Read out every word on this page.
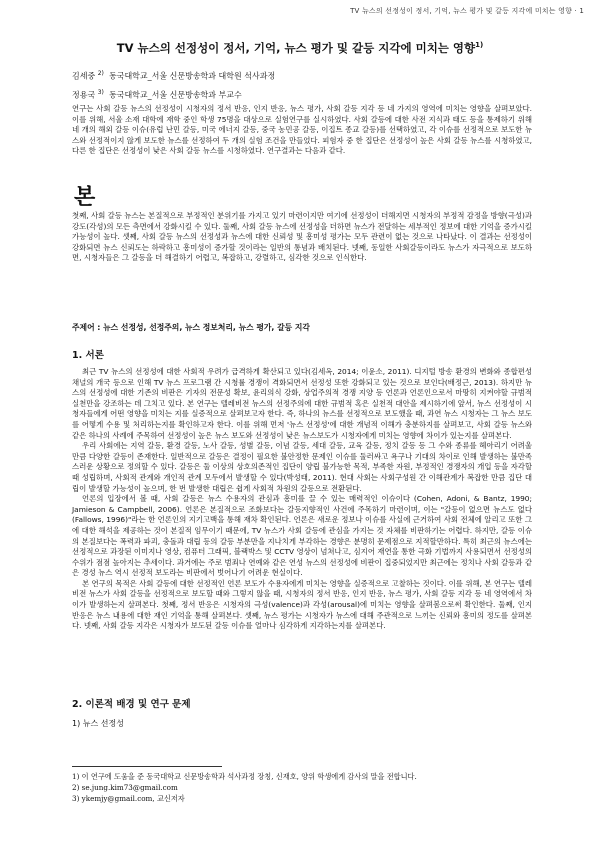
TV 뉴스의 선정성이 정서, 기억, 뉴스 평가 및 갈등 지각에 미치는 영향 · 1
TV 뉴스의 선정성이 정서, 기억, 뉴스 평가 및 갈등 지각에 미치는 영향$^{1)}$
김세중 $^{2)}$ 동국대학교_서울 신문방송학과 대학원 석사과정
정용국 $^{3)}$ 동국대학교_서울 신문방송학과 부교수
연구는 사회 갈등 뉴스의 선정성이 시청자의 정서 반응, 인지 반응, 뉴스 평가, 사회 갈등 지각 등 네 가지의 영역에 미치는 영향을 살펴보았다. 이를 위해, 서울 소재 대학에 재학 중인 학생 75명을 대상으로 실험연구를 실시하였다. 사회 갈등에 대한 사전 지식과 태도 등을 통제하기 위해 네 개의 해외 갈등 이슈(유럽 난민 갈등, 미국 에너지 갈등, 중국 농민공 갈등, 이집트 종교 갈등)를 선택하였고, 각 이슈를 선정적으로 보도한 뉴스와 선정적이지 않게 보도한 뉴스를 선정하여 두 개의 실험 조건을 만들었다. 피험자 중 한 집단은 선정성이 높은 사회 갈등 뉴스를 시청하였고, 다른 한 집단은 선정성이 낮은 사회 갈등 뉴스를 시청하였다. 연구결과는 다음과 같다.
본
첫째, 사회 갈등 뉴스는 본질적으로 부정적인 분위기를 가지고 있기 마련이지만 여기에 선정성이 더해지면 시청자의 부정적 감정을 방향(극성)과 강도(각성)의 모든 측면에서 강화시킬 수 있다. 둘째, 사회 갈등 뉴스에 선정성을 더하면 뉴스가 전달하는 세부적인 정보에 대한 기억을 증가시킬 가능성이 높다. 셋째, 사회 갈등 뉴스의 선정성과 뉴스에 대한 신뢰성 및 흥미성 평가는 모두 관련이 없는 것으로 나타났다. 이 결과는 선정성이 강화되면 뉴스 신뢰도는 하락하고 흥미성이 증가할 것이라는 일반의 통념과 배치된다. 넷째, 동일한 사회갈등이라도 뉴스가 자극적으로 보도하면, 시청자들은 그 갈등을 더 해결하기 어렵고, 복잡하고, 강렬하고, 심각한 것으로 인식한다.
주제어 : 뉴스 선정성, 선정주의, 뉴스 정보처리, 뉴스 평가, 갈등 지각
1. 서론

최근 TV 뉴스의 선정성에 대한 사회적 우려가 급격하게 확산되고 있다(김세옥, 2014; 이윤소, 2011). 디지털 방송 환경의 변화와 종합편성채널의 개국 등으로 인해 TV 뉴스 프로그램 간 시청률 경쟁이 격화되면서 선정성 또한 강화되고 있는 것으로 보인다(배정근, 2013). 하지만 뉴스의 선정성에 대한 기존의 비판은 기자의 전문성 확보, 윤리의식 강화, 상업주의적 경쟁 지양 등 언론과 언론인으로서 마땅히 지켜야할 규범적 실천만을 강조하는 데 그치고 있다. 본 연구는 텔레비전 뉴스의 선정주의에 대한 규범적 혹은 실천적 대안을 제시하기에 앞서, 뉴스 선정성이 시청자들에게 어떤 영향을 미치는 지를 실증적으로 살펴보고자 한다. 즉, 하나의 뉴스를 선정적으로 보도했을 때, 과연 뉴스 시청자는 그 뉴스 보도를 어떻게 수용 및 처리하는지를 확인하고자 한다. 이를 위해 먼저 '뉴스 선정성'에 대한 개념적 이해가 충분하지를 살펴보고, 사회 갈등 뉴스와 같은 하나의 사례에 주목하여 선정성이 높은 뉴스 보도와 선정성이 낮은 뉴스보도가 시청자에게 미치는 영향에 차이가 있는지를 살펴본다.

우리 사회에는 지역 갈등, 환경 갈등, 노사 갈등, 성별 갈등, 이념 갈등, 세대 갈등, 교육 갈등, 정치 갈등 등 그 수와 종류를 헤아리기 어려울 만큼 다양한 갈등이 존재한다. 일반적으로 갈등은 결정이 필요한 불안정한 문제인 이슈를 둘러싸고 욕구나 기대의 차이로 인해 발생하는 불만족스러운 상황으로 정의할 수 있다. 갈등은 둘 이상의 상호의존적인 집단이 양립 불가능한 목적, 부족한 자원, 부정적인 경쟁자의 개입 등을 자각할 때 성립하며, 사회적 관계와 개인적 관계 모두에서 발생할 수 있다(박성태, 2011). 현대 사회는 사회구성원 간 이해관계가 복잡한 만큼 집단 대립이 발생할 가능성이 높으며, 한 번 발생한 대립은 쉽게 사회적 차원의 갈등으로 전환된다.

언론의 입장에서 볼 때, 사회 갈등은 뉴스 수용자의 관심과 흥미를 끌 수 있는 매력적인 이슈이다 (Cohen, Adoni, & Bantz, 1990; Jamieson & Campbell, 2006). 언론은 본질적으로 조화보다는 갈등지향적인 사건에 주목하기 마련이며, 이는 "갈등이 없으면 뉴스도 없다(Fallows, 1996)"라는 한 언론인의 지기고백을 통해 재차 확인된다. 언론은 새로운 정보나 이슈를 사실에 근거하여 사회 전체에 알리고 또한 그에 대한 해석을 제공하는 것이 본질적 임무이기 때문에, TV 뉴스가 사회 갈등에 관심을 가지는 것 자체를 비판하기는 어렵다. 하지만, 갈등 이슈의 본질보다는 폭력과 파괴, 충돌과 대립 등의 갈등 부분만을 지나치게 부각하는 경향은 분명히 문제점으로 지적할만하다. 특히 최근의 뉴스에는 선정적으로 과장된 이미지나 영상, 컴퓨터 그래픽, 블랙박스 및 CCTV 영상이 넘쳐나고, 심지어 재연을 통한 극화 기법까지 사용되면서 선정성의 수위가 점점 높아지는 추세이다. 과거에는 주로 범죄나 연예와 같은 연성 뉴스의 선정성에 비판이 집중되었지만 최근에는 정치나 사회 갈등과 같은 경성 뉴스 역시 선정적 보도라는 비판에서 벗어나기 어려운 현실이다.

본 연구의 목적은 사회 갈등에 대한 선정적인 언론 보도가 수용자에게 미치는 영향을 실증적으로 고찰하는 것이다. 이를 위해, 본 연구는 텔레비전 뉴스가 사회 갈등을 선정적으로 보도할 때와 그렇지 않을 때, 시청자의 정서 반응, 인지 반응, 뉴스 평가, 사회 갈등 지각 등 네 영역에서 차이가 발생하는지 살펴본다. 첫째, 정서 반응은 시청자의 극성(valence)과 각성(arousal)에 미치는 영향을 살펴봄으로써 확인한다. 둘째, 인지 반응은 뉴스 내용에 대한 재인 기억을 통해 살펴본다. 셋째, 뉴스 평가는 시청자가 뉴스에 대해 주관적으로 느끼는 신뢰와 흥미의 정도를 살펴본다. 넷째, 사회 갈등 지각은 시청자가 보도된 갈등 이슈를 얼마나 심각하게 지각하는지를 살펴본다.

2. 이론적 배경 및 연구 문제
1) 뉴스 선정성
1) 이 연구에 도움을 준 동국대학교 신문방송학과 석사과정 장칭, 신재호, 양위 학생에게 감사의 말을 전합니다.
2) se.jung.kim73@gmail.com
3) ykemjy@gmail.com, 교신저자
